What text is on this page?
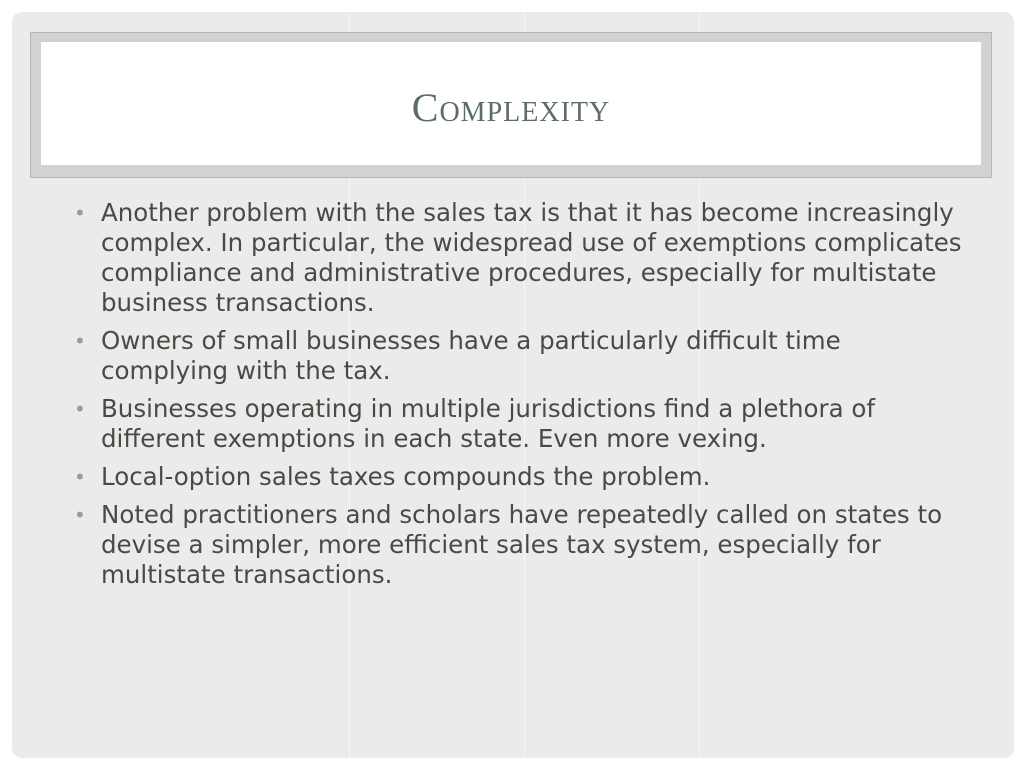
Complexity
• Another problem with the sales tax is that it has become increasingly complex. In particular, the widespread use of exemptions complicates compliance and administrative procedures, especially for multistate business transactions.
• Owners of small businesses have a particularly difficult time complying with the tax.
• Businesses operating in multiple jurisdictions find a plethora of different exemptions in each state. Even more vexing.
• Local-option sales taxes compounds the problem.
• Noted practitioners and scholars have repeatedly called on states to devise a simpler, more efficient sales tax system, especially for multistate transactions.
